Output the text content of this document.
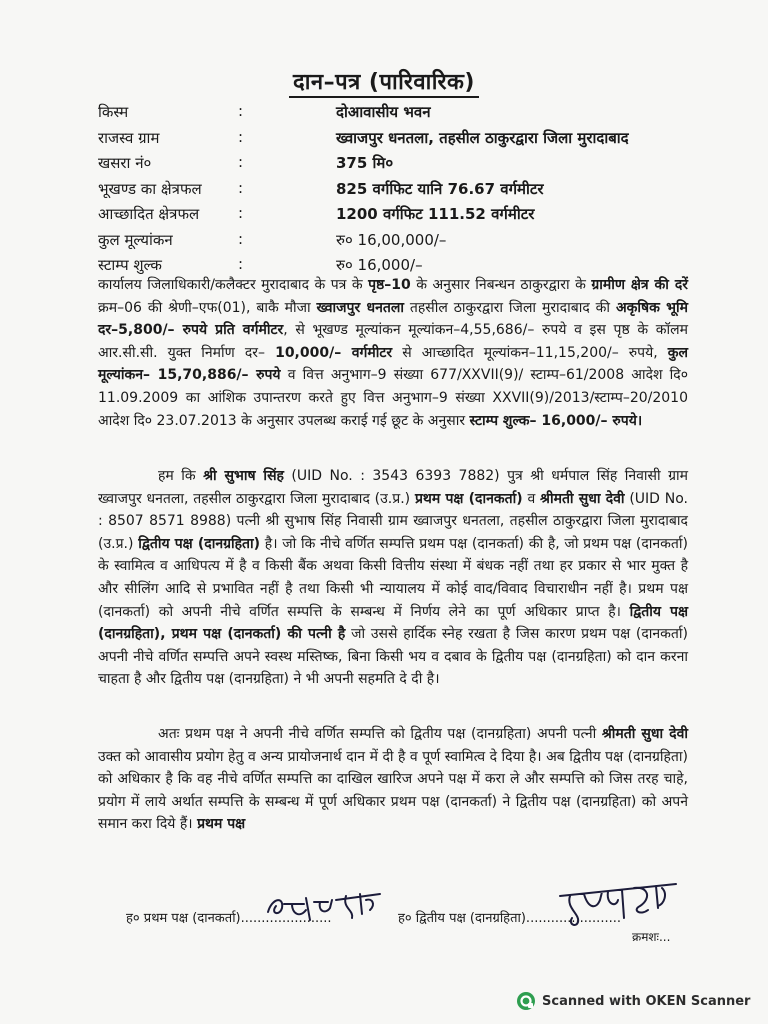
दान–पत्र (पारिवारिक)
किस्म	:	दोआवासीय भवन
राजस्व ग्राम	:	ख्वाजपुर धनतला, तहसील ठाकुरद्वारा जिला मुरादाबाद
खसरा नं०	:	375 मि०
भूखण्ड का क्षेत्रफल :	825 वर्गफिट यानि 76.67 वर्गमीटर
आच्छादित क्षेत्रफल	:	1200 वर्गफिट 111.52 वर्गमीटर
कुल मूल्यांकन	:	रु० 16,00,000/–
स्टाम्प शुल्क	:	रु० 16,000/–

कार्यालय जिलाधिकारी/कलैक्टर मुरादाबाद के पत्र के पृष्ठ–10 के अनुसार निबन्धन ठाकुरद्वारा के ग्रामीण क्षेत्र की दरें क्रम–06 की श्रेणी–एफ(01), बाकै मौजा ख्वाजपुर धनतला तहसील ठाकुरद्वारा जिला मुरादाबाद की अकृषिक भूमि दर–5,800/– रुपये प्रति वर्गमीटर, से भूखण्ड मूल्यांकन मूल्यांकन–4,55,686/– रुपये व इस पृष्ठ के कॉलम आर.सी.सी. युक्त निर्माण दर– 10,000/– वर्गमीटर से आच्छादित मूल्यांकन–11,15,200/– रुपये, कुल मूल्यांकन– 15,70,886/– रुपये व वित्त अनुभाग–9 संख्या 677/XXVII(9)/ स्टाम्प–61/2008 आदेश दि० 11.09.2009 का आंशिक उपान्तरण करते हुए वित्त अनुभाग–9 संख्या XXVII(9)/2013/स्टाम्प–20/2010 आदेश दि० 23.07.2013 के अनुसार उपलब्ध कराई गई छूट के अनुसार स्टाम्प शुल्क– 16,000/– रुपये।

हम कि श्री सुभाष सिंह (UID No. : 3543 6393 7882) पुत्र श्री धर्मपाल सिंह निवासी ग्राम ख्वाजपुर धनतला, तहसील ठाकुरद्वारा जिला मुरादाबाद (उ.प्र.) प्रथम पक्ष (दानकर्ता) व श्रीमती सुधा देवी (UID No. : 8507 8571 8988) पत्नी श्री सुभाष सिंह निवासी ग्राम ख्वाजपुर धनतला, तहसील ठाकुरद्वारा जिला मुरादाबाद (उ.प्र.) द्वितीय पक्ष (दानग्रहिता) है। जो कि नीचे वर्णित सम्पत्ति प्रथम पक्ष (दानकर्ता) की है, जो प्रथम पक्ष (दानकर्ता) के स्वामित्व व आधिपत्य में है व किसी बैंक अथवा किसी वित्तीय संस्था में बंधक नहीं तथा हर प्रकार से भार मुक्त है और सीलिंग आदि से प्रभावित नहीं है तथा किसी भी न्यायालय में कोई वाद/विवाद विचाराधीन नहीं है। प्रथम पक्ष (दानकर्ता) को अपनी नीचे वर्णित सम्पत्ति के सम्बन्ध में निर्णय लेने का पूर्ण अधिकार प्राप्त है। द्वितीय पक्ष (दानग्रहिता), प्रथम पक्ष (दानकर्ता) की पत्नी है जो उससे हार्दिक स्नेह रखता है जिस कारण प्रथम पक्ष (दानकर्ता) अपनी नीचे वर्णित सम्पत्ति अपने स्वस्थ मस्तिष्क, बिना किसी भय व दबाव के द्वितीय पक्ष (दानग्रहिता) को दान करना चाहता है और द्वितीय पक्ष (दानग्रहिता) ने भी अपनी सहमति दे दी है।

अतः प्रथम पक्ष ने अपनी नीचे वर्णित सम्पत्ति को द्वितीय पक्ष (दानग्रहिता) अपनी पत्नी श्रीमती सुधा देवी उक्त को आवासीय प्रयोग हेतु व अन्य प्रायोजनार्थ दान में दी है व पूर्ण स्वामित्व दे दिया है। अब द्वितीय पक्ष (दानग्रहिता) को अधिकार है कि वह नीचे वर्णित सम्पत्ति का दाखिल खारिज अपने पक्ष में करा ले और सम्पत्ति को जिस तरह चाहे, प्रयोग में लाये अर्थात सम्पत्ति के सम्बन्ध में पूर्ण अधिकार प्रथम पक्ष (दानकर्ता) ने द्वितीय पक्ष (दानग्रहिता) को अपने समान करा दिये हैं। प्रथम पक्ष

ह० प्रथम पक्ष (दानकर्ता)......................	ह० द्वितीय पक्ष (दानग्रहिता).......................
क्रमशः...
Scanned with OKEN Scanner
